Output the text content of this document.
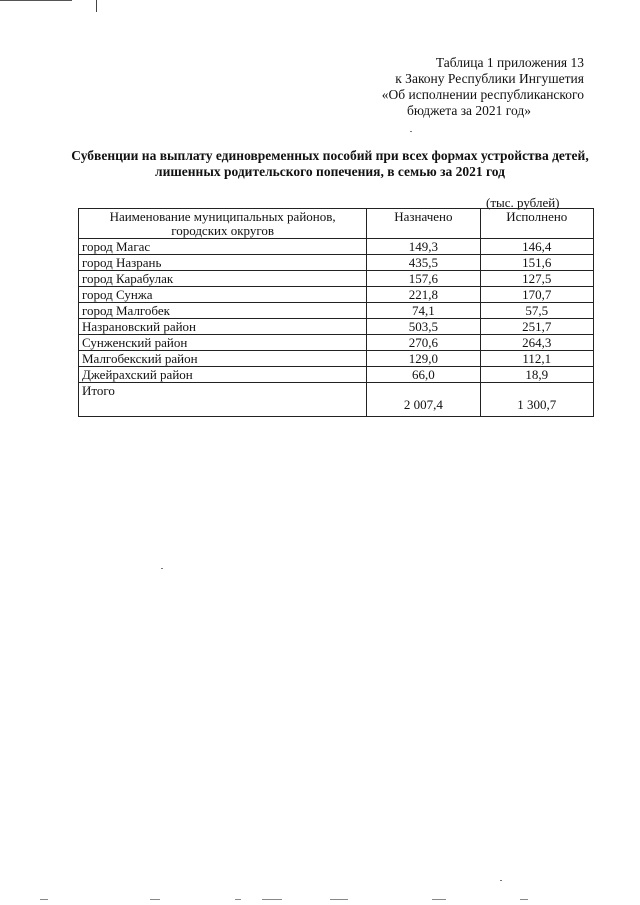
Таблица 1 приложения 13
к Закону Республики Ингушетия
«Об исполнении республиканского
бюджета за 2021 год»
Субвенции на выплату единовременных пособий при всех формах устройства детей,
лишенных родительского попечения, в семью за 2021 год
(тыс. рублей)
Наименование муниципальных районов, городских округов	Назначено	Исполнено
город Магас	149,3	146,4
город Назрань	435,5	151,6
город Карабулак	157,6	127,5
город Сунжа	221,8	170,7
город Малгобек	74,1	57,5
Назрановский район	503,5	251,7
Сунженский район	270,6	264,3
Малгобекский район	129,0	112,1
Джейрахский район	66,0	18,9
Итого	2 007,4	1 300,7
